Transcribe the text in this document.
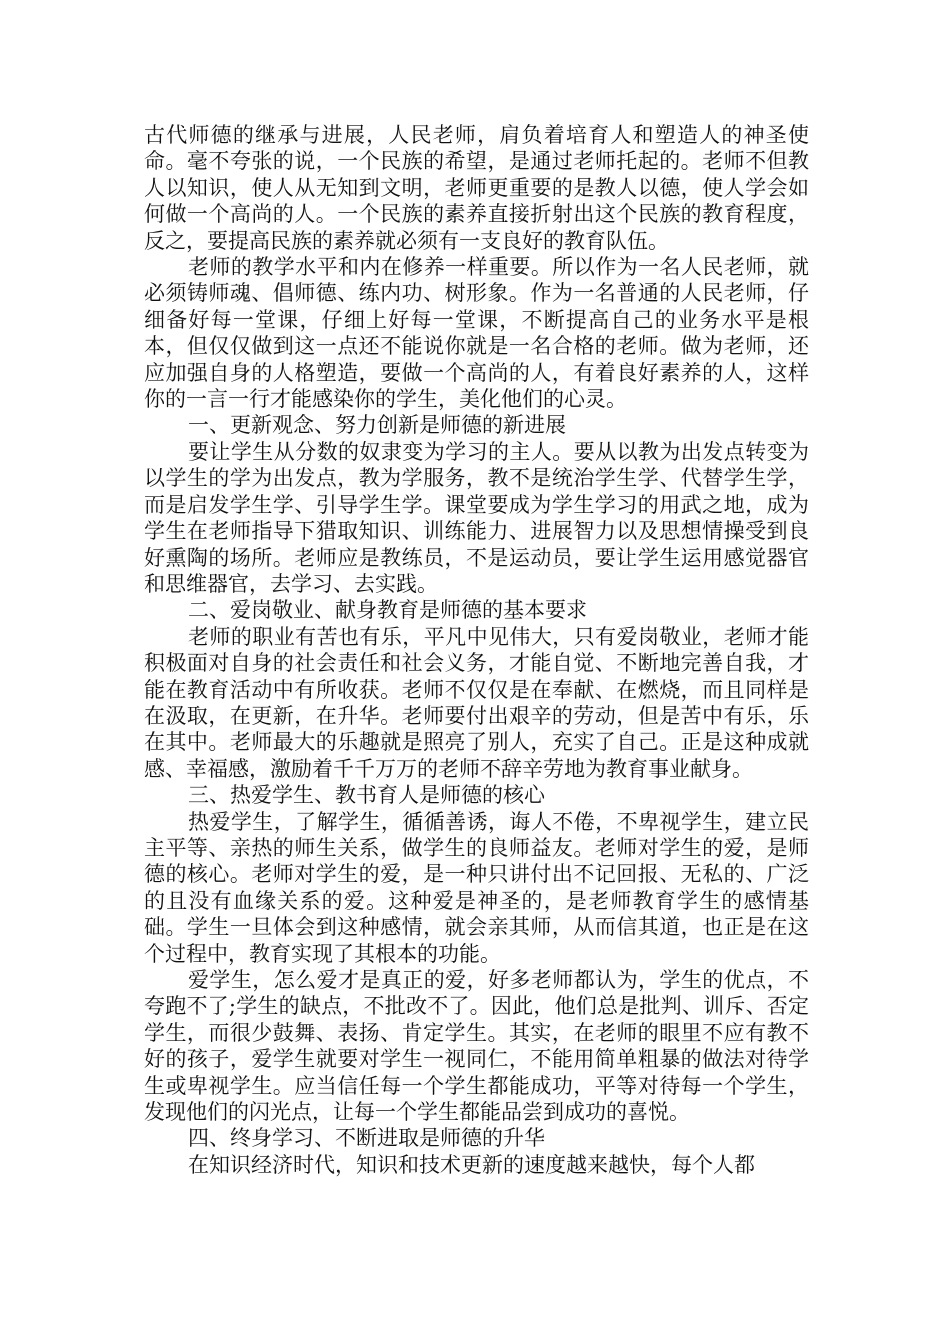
古代师德的继承与进展，人民老师，肩负着培育人和塑造人的神圣使命。毫不夸张的说，一个民族的希望，是通过老师托起的。老师不但教人以知识，使人从无知到文明，老师更重要的是教人以德，使人学会如何做一个高尚的人。一个民族的素养直接折射出这个民族的教育程度，反之，要提高民族的素养就必须有一支良好的教育队伍。

老师的教学水平和内在修养一样重要。所以作为一名人民老师，就必须铸师魂、倡师德、练内功、树形象。作为一名普通的人民老师，仔细备好每一堂课，仔细上好每一堂课，不断提高自己的业务水平是根本，但仅仅做到这一点还不能说你就是一名合格的老师。做为老师，还应加强自身的人格塑造，要做一个高尚的人，有着良好素养的人，这样你的一言一行才能感染你的学生，美化他们的心灵。

一、更新观念、努力创新是师德的新进展

要让学生从分数的奴隶变为学习的主人。要从以教为出发点转变为以学生的学为出发点，教为学服务，教不是统治学生学、代替学生学，而是启发学生学、引导学生学。课堂要成为学生学习的用武之地，成为学生在老师指导下猎取知识、训练能力、进展智力以及思想情操受到良好熏陶的场所。老师应是教练员，不是运动员，要让学生运用感觉器官和思维器官，去学习、去实践。

二、爱岗敬业、献身教育是师德的基本要求

老师的职业有苦也有乐，平凡中见伟大，只有爱岗敬业，老师才能积极面对自身的社会责任和社会义务，才能自觉、不断地完善自我，才能在教育活动中有所收获。老师不仅仅是在奉献、在燃烧，而且同样是在汲取，在更新，在升华。老师要付出艰辛的劳动，但是苦中有乐，乐在其中。老师最大的乐趣就是照亮了别人，充实了自己。正是这种成就感、幸福感，激励着千千万万的老师不辞辛劳地为教育事业献身。

三、热爱学生、教书育人是师德的核心

热爱学生，了解学生，循循善诱，诲人不倦，不卑视学生，建立民主平等、亲热的师生关系，做学生的良师益友。老师对学生的爱，是师德的核心。老师对学生的爱，是一种只讲付出不记回报、无私的、广泛的且没有血缘关系的爱。这种爱是神圣的，是老师教育学生的感情基础。学生一旦体会到这种感情，就会亲其师，从而信其道，也正是在这个过程中，教育实现了其根本的功能。

爱学生，怎么爱才是真正的爱，好多老师都认为，学生的优点，不夸跑不了;学生的缺点，不批改不了。因此，他们总是批判、训斥、否定学生，而很少鼓舞、表扬、肯定学生。其实，在老师的眼里不应有教不好的孩子，爱学生就要对学生一视同仁，不能用简单粗暴的做法对待学生或卑视学生。应当信任每一个学生都能成功，平等对待每一个学生，发现他们的闪光点，让每一个学生都能品尝到成功的喜悦。

四、终身学习、不断进取是师德的升华

在知识经济时代，知识和技术更新的速度越来越快，每个人都
